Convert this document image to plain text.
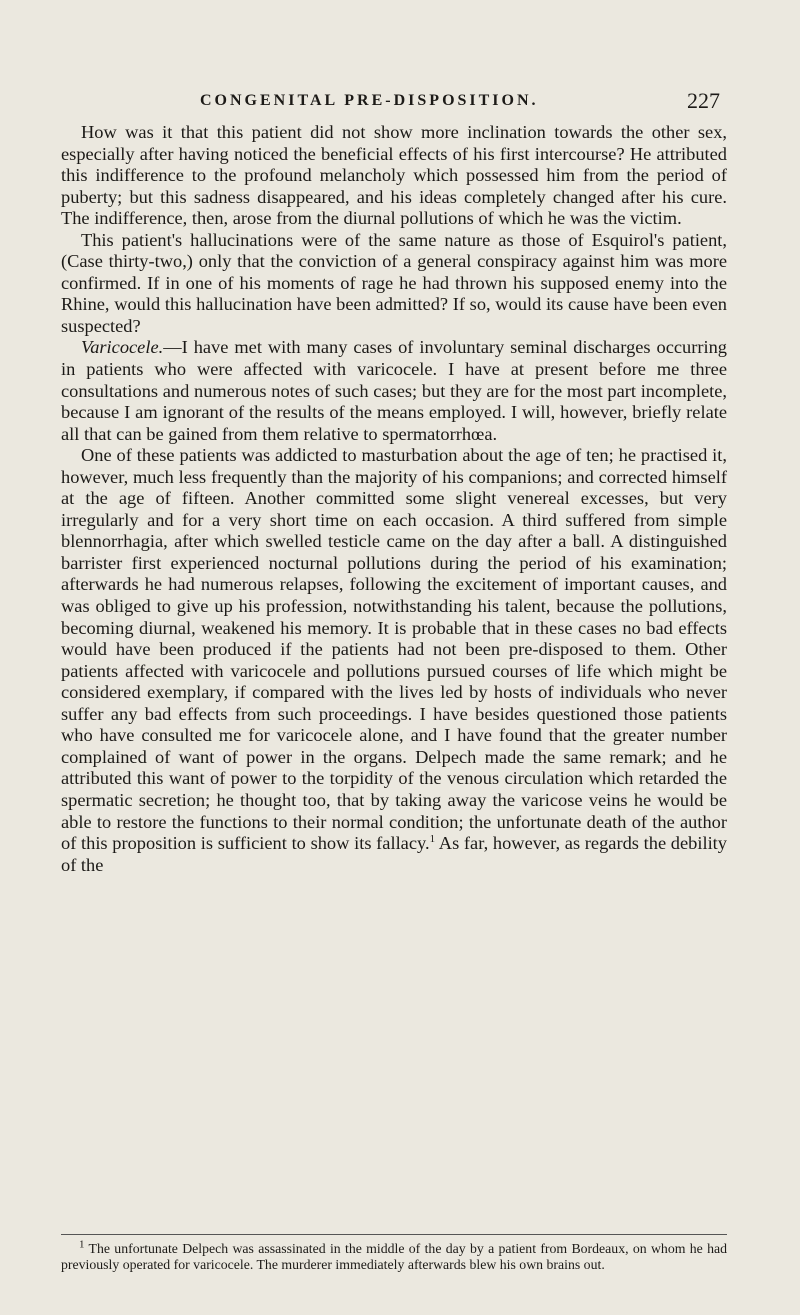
CONGENITAL PRE-DISPOSITION.	227

How was it that this patient did not show more inclination towards the other sex, especially after having noticed the beneficial effects of his first intercourse? He attributed this indifference to the profound melancholy which possessed him from the period of puberty; but this sadness disappeared, and his ideas completely changed after his cure. The indifference, then, arose from the diurnal pollutions of which he was the victim.

This patient's hallucinations were of the same nature as those of Esquirol's patient, (Case thirty-two,) only that the conviction of a general conspiracy against him was more confirmed. If in one of his moments of rage he had thrown his supposed enemy into the Rhine, would this hallucination have been admitted? If so, would its cause have been even suspected?

Varicocele.—I have met with many cases of involuntary seminal discharges occurring in patients who were affected with varicocele. I have at present before me three consultations and numerous notes of such cases; but they are for the most part incomplete, because I am ignorant of the results of the means employed. I will, however, briefly relate all that can be gained from them relative to spermatorrhœa.

One of these patients was addicted to masturbation about the age of ten; he practised it, however, much less frequently than the majority of his companions; and corrected himself at the age of fifteen. Another committed some slight venereal excesses, but very irregularly and for a very short time on each occasion. A third suffered from simple blennorrhagia, after which swelled testicle came on the day after a ball. A distinguished barrister first experienced nocturnal pollutions during the period of his examination; afterwards he had numerous relapses, following the excitement of important causes, and was obliged to give up his profession, notwithstanding his talent, because the pollutions, becoming diurnal, weakened his memory. It is probable that in these cases no bad effects would have been produced if the patients had not been pre-disposed to them. Other patients affected with varicocele and pollutions pursued courses of life which might be considered exemplary, if compared with the lives led by hosts of individuals who never suffer any bad effects from such proceedings. I have besides questioned those patients who have consulted me for varicocele alone, and I have found that the greater number complained of want of power in the organs. Delpech made the same remark; and he attributed this want of power to the torpidity of the venous circulation which retarded the spermatic secretion; he thought too, that by taking away the varicose veins he would be able to restore the functions to their normal condition; the unfortunate death of the author of this proposition is sufficient to show its fallacy.$^1$ As far, however, as regards the debility of the

$^1$ The unfortunate Delpech was assassinated in the middle of the day by a patient from Bordeaux, on whom he had previously operated for varicocele. The murderer immediately afterwards blew his own brains out.
